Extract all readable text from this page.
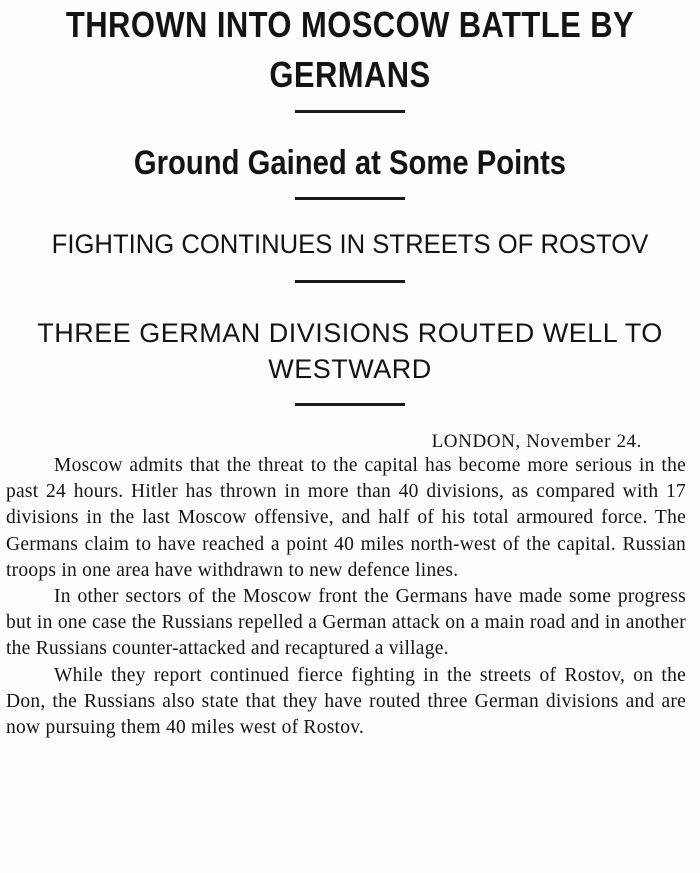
THROWN INTO MOSCOW BATTLE BY GERMANS
Ground Gained at Some Points
FIGHTING CONTINUES IN STREETS OF ROSTOV
THREE GERMAN DIVISIONS ROUTED WELL TO WESTWARD
LONDON, November 24.

Moscow admits that the threat to the capital has become more serious in the past 24 hours. Hitler has thrown in more than 40 divisions, as compared with 17 divisions in the last Moscow offensive, and half of his total armoured force. The Germans claim to have reached a point 40 miles north-west of the capital. Russian troops in one area have withdrawn to new defence lines.

In other sectors of the Moscow front the Germans have made some progress but in one case the Russians repelled a German attack on a main road and in another the Russians counter-attacked and recaptured a village.

While they report continued fierce fighting in the streets of Rostov, on the Don, the Russians also state that they have routed three German divisions and are now pursuing them 40 miles west of Rostov.
